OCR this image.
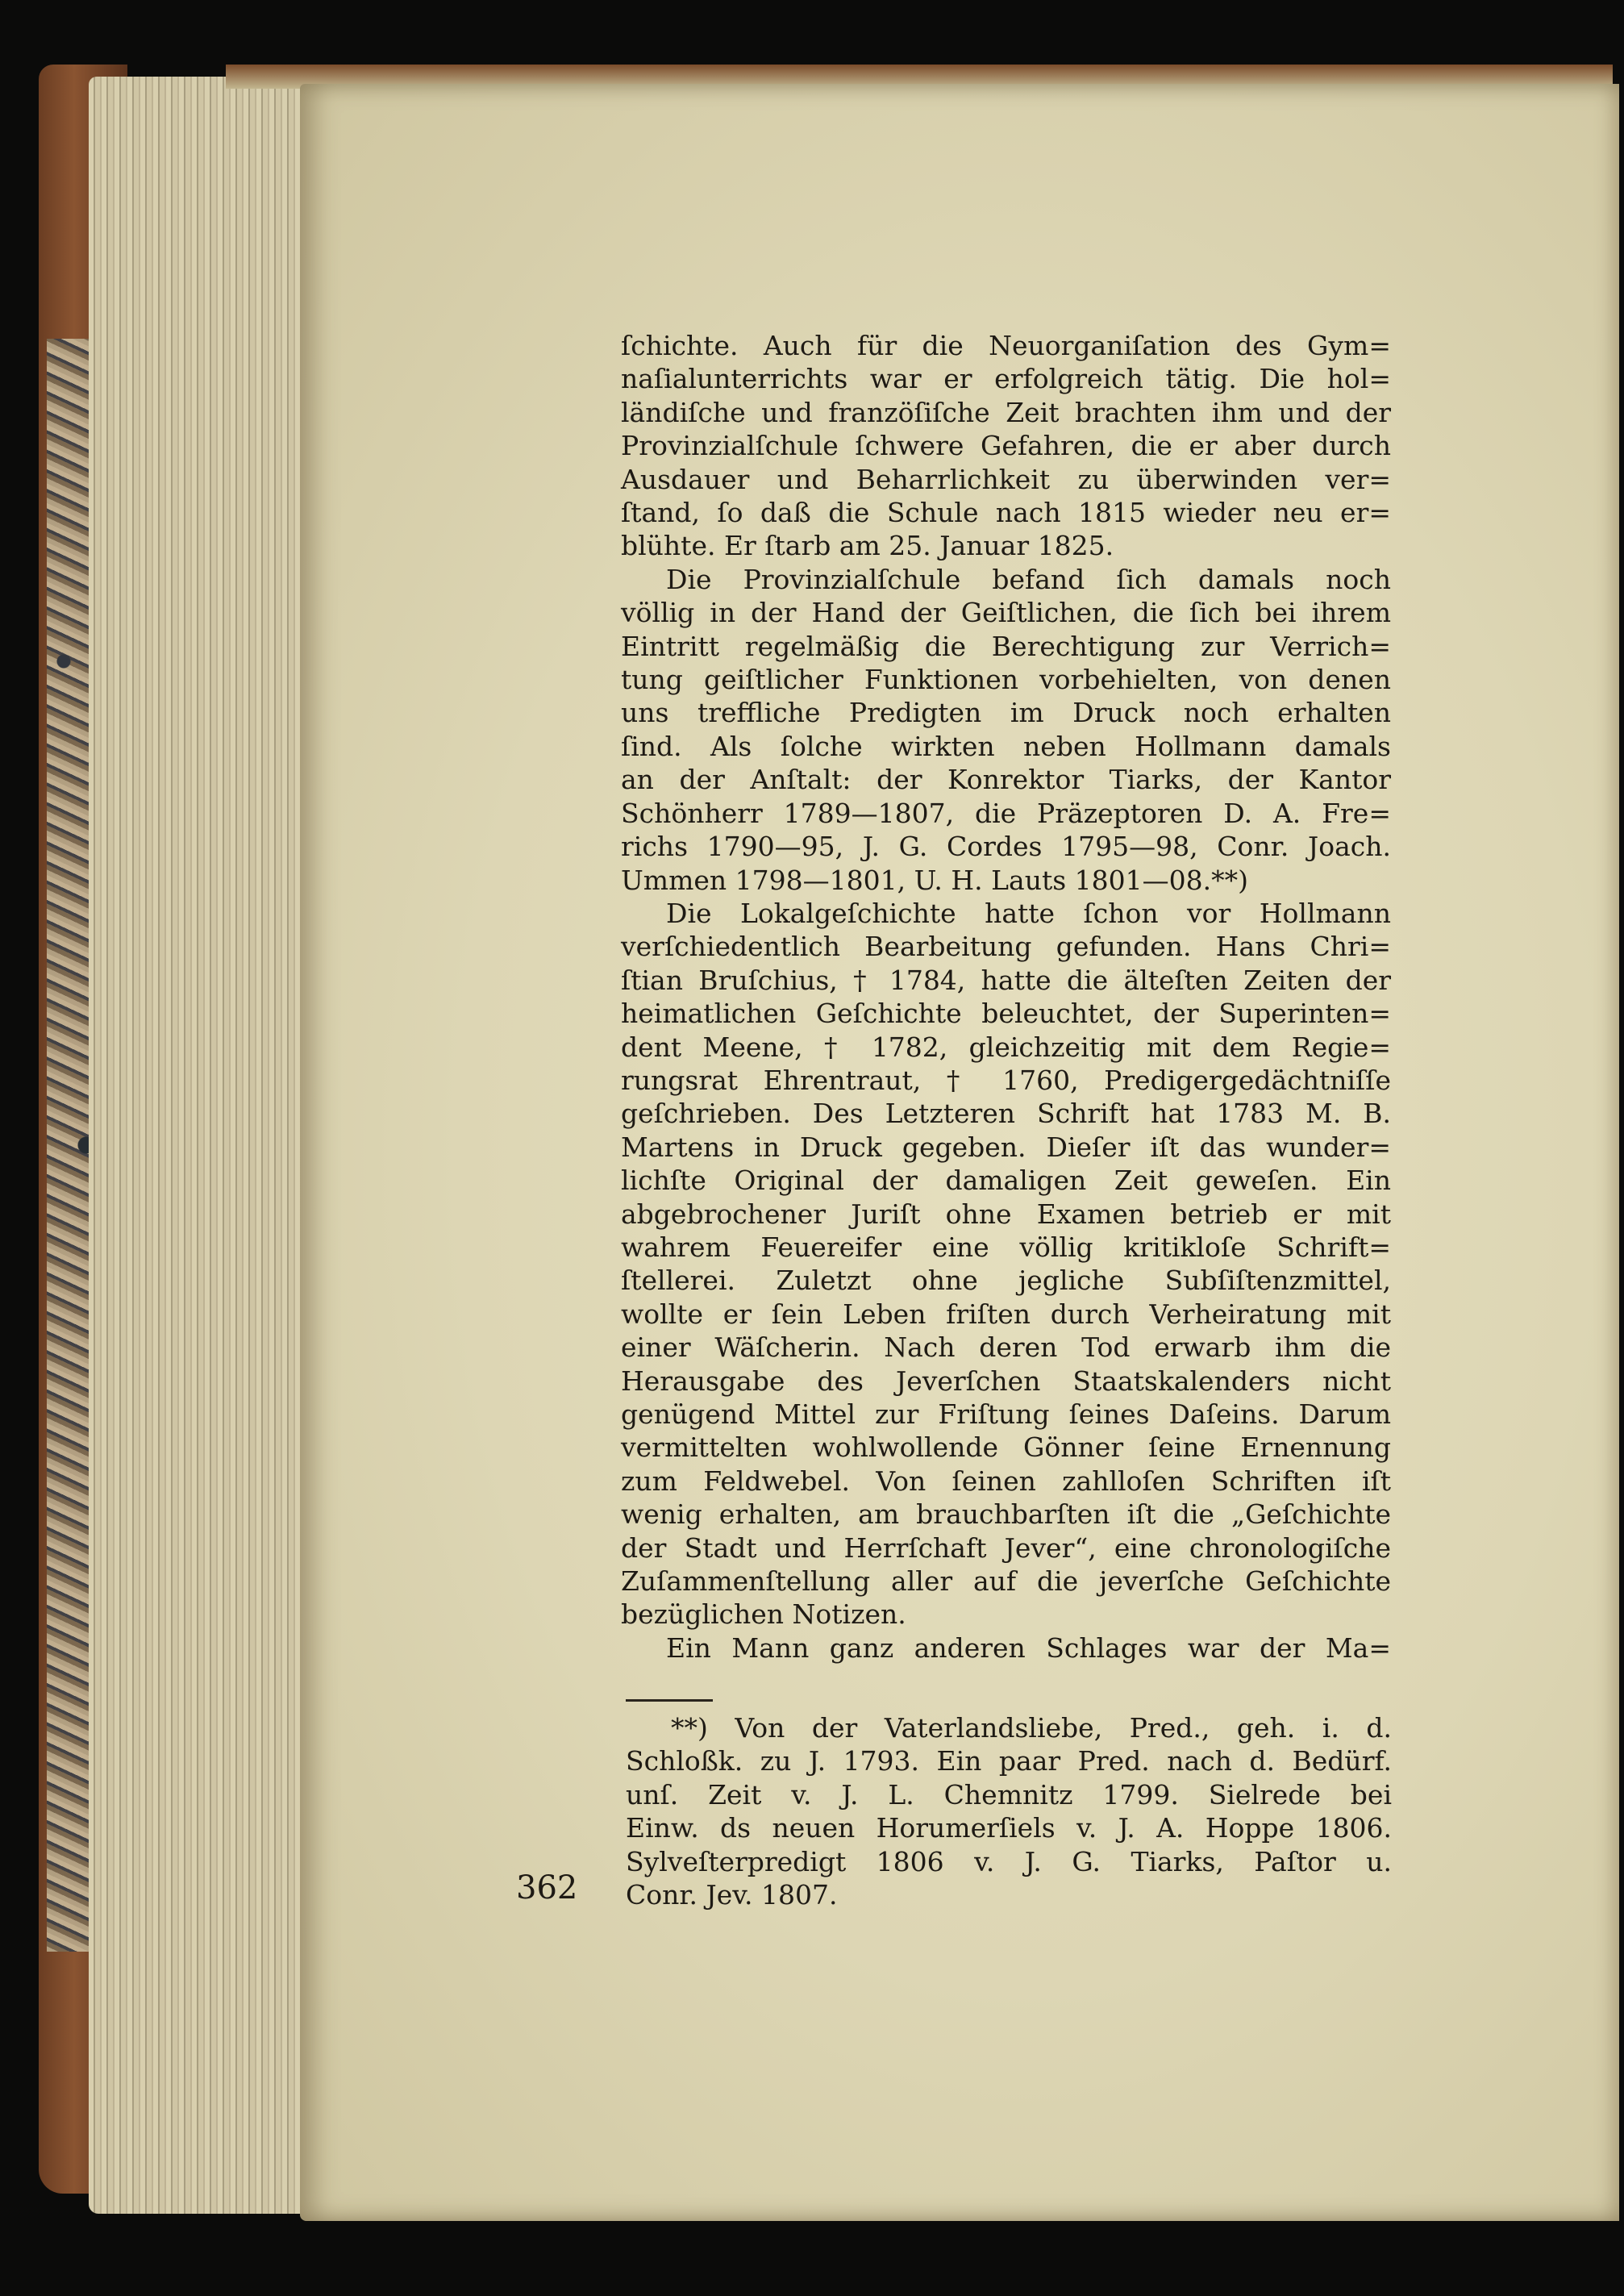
ſchichte. Auch für die Neuorganiſation des Gym=
naſialunterrichts war er erfolgreich tätig. Die hol=
ländiſche und franzöſiſche Zeit brachten ihm und der
Provinzialſchule ſchwere Gefahren, die er aber durch
Ausdauer und Beharrlichkeit zu überwinden ver=
ſtand, ſo daß die Schule nach 1815 wieder neu er=
blühte. Er ſtarb am 25. Januar 1825.
Die Provinzialſchule befand ſich damals noch
völlig in der Hand der Geiſtlichen, die ſich bei ihrem
Eintritt regelmäßig die Berechtigung zur Verrich=
tung geiſtlicher Funktionen vorbehielten, von denen
uns treffliche Predigten im Druck noch erhalten
ſind. Als ſolche wirkten neben Hollmann damals
an der Anſtalt: der Konrektor Tiarks, der Kantor
Schönherr 1789—1807, die Präzeptoren D. A. Fre=
richs 1790—95, J. G. Cordes 1795—98, Conr. Joach.
Ummen 1798—1801, U. H. Lauts 1801—08.**)
Die Lokalgeſchichte hatte ſchon vor Hollmann
verſchiedentlich Bearbeitung gefunden. Hans Chri=
ſtian Bruſchius, † 1784, hatte die älteſten Zeiten der
heimatlichen Geſchichte beleuchtet, der Superinten=
dent Meene, † 1782, gleichzeitig mit dem Regie=
rungsrat Ehrentraut, † 1760, Predigergedächtniſſe
geſchrieben. Des Letzteren Schrift hat 1783 M. B.
Martens in Druck gegeben. Dieſer iſt das wunder=
lichſte Original der damaligen Zeit geweſen. Ein
abgebrochener Juriſt ohne Examen betrieb er mit
wahrem Feuereifer eine völlig kritikloſe Schrift=
ſtellerei. Zuletzt ohne jegliche Subſiſtenzmittel,
wollte er ſein Leben friſten durch Verheiratung mit
einer Wäſcherin. Nach deren Tod erwarb ihm die
Herausgabe des Jeverſchen Staatskalenders nicht
genügend Mittel zur Friſtung ſeines Daſeins. Darum
vermittelten wohlwollende Gönner ſeine Ernennung
zum Feldwebel. Von ſeinen zahlloſen Schriften iſt
wenig erhalten, am brauchbarſten iſt die „Geſchichte
der Stadt und Herrſchaft Jever“, eine chronologiſche
Zuſammenſtellung aller auf die jeverſche Geſchichte
bezüglichen Notizen.
Ein Mann ganz anderen Schlages war der Ma=
**) Von der Vaterlandsliebe, Pred., geh. i. d.
Schloßk. zu J. 1793. Ein paar Pred. nach d. Bedürf.
unſ. Zeit v. J. L. Chemnitz 1799. Sielrede bei
Einw. ds neuen Horumerſiels v. J. A. Hoppe 1806.
Sylveſterpredigt 1806 v. J. G. Tiarks, Paſtor u.
Conr. Jev. 1807.
362
